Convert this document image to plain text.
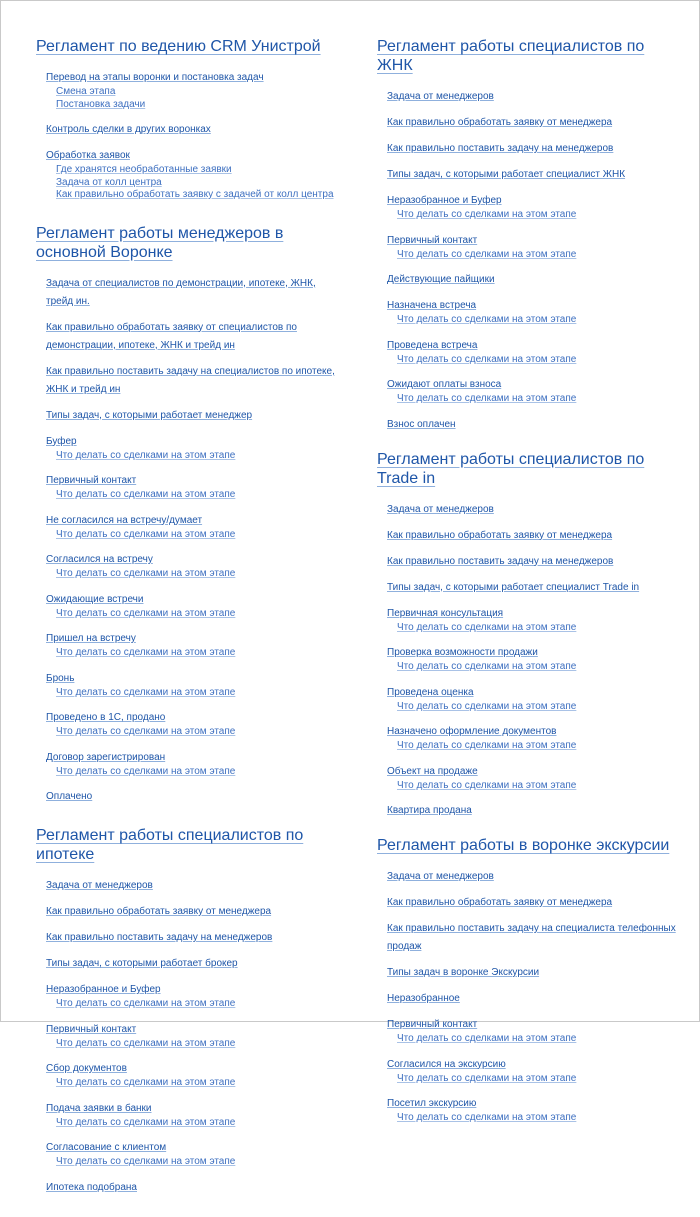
Регламент по ведению CRM Унистрой
Перевод на этапы воронки и постановка задач
Смена этапа
Постановка задачи
Контроль сделки в других воронках
Обработка заявок
Где хранятся необработанные заявки
Задача от колл центра
Как правильно обработать заявку с задачей от колл центра
Регламент работы менеджеров в основной Воронке
Задача от специалистов по демонстрации, ипотеке, ЖНК, трейд ин.
Как правильно обработать заявку от специалистов по демонстрации, ипотеке, ЖНК и трейд ин
Как правильно поставить задачу на специалистов по ипотеке, ЖНК и трейд ин
Типы задач, с которыми работает менеджер
Буфер
Что делать со сделками на этом этапе
Первичный контакт
Что делать со сделками на этом этапе
Не согласился на встречу/думает
Что делать со сделками на этом этапе
Согласился на встречу
Что делать со сделками на этом этапе
Ожидающие встречи
Что делать со сделками на этом этапе
Пришел на встречу
Что делать со сделками на этом этапе
Бронь
Что делать со сделками на этом этапе
Проведено в 1С, продано
Что делать со сделками на этом этапе
Договор зарегистрирован
Что делать со сделками на этом этапе
Оплачено
Регламент работы специалистов по ипотеке
Задача от менеджеров
Как правильно обработать заявку от менеджера
Как правильно поставить задачу на менеджеров
Типы задач, с которыми работает брокер
Неразобранное и Буфер
Что делать со сделками на этом этапе
Первичный контакт
Что делать со сделками на этом этапе
Сбор документов
Что делать со сделками на этом этапе
Подача заявки в банки
Что делать со сделками на этом этапе
Согласование с клиентом
Что делать со сделками на этом этапе
Ипотека подобрана
Регламент работы специалистов по ЖНК
Задача от менеджеров
Как правильно обработать заявку от менеджера
Как правильно поставить задачу на менеджеров
Типы задач, с которыми работает специалист ЖНК
Неразобранное и Буфер
Что делать со сделками на этом этапе
Первичный контакт
Что делать со сделками на этом этапе
Действующие пайщики
Назначена встреча
Что делать со сделками на этом этапе
Проведена встреча
Что делать со сделками на этом этапе
Ожидают оплаты взноса
Что делать со сделками на этом этапе
Взнос оплачен
Регламент работы специалистов по Trade in
Задача от менеджеров
Как правильно обработать заявку от менеджера
Как правильно поставить задачу на менеджеров
Типы задач, с которыми работает специалист Trade in
Первичная консультация
Что делать со сделками на этом этапе
Проверка возможности продажи
Что делать со сделками на этом этапе
Проведена оценка
Что делать со сделками на этом этапе
Назначено оформление документов
Что делать со сделками на этом этапе
Объект на продаже
Что делать со сделками на этом этапе
Квартира продана
Регламент работы в воронке экскурсии
Задача от менеджеров
Как правильно обработать заявку от менеджера
Как правильно поставить задачу на специалиста телефонных продаж
Типы задач в воронке Экскурсии
Неразобранное
Первичный контакт
Что делать со сделками на этом этапе
Согласился на экскурсию
Что делать со сделками на этом этапе
Посетил экскурсию
Что делать со сделками на этом этапе
